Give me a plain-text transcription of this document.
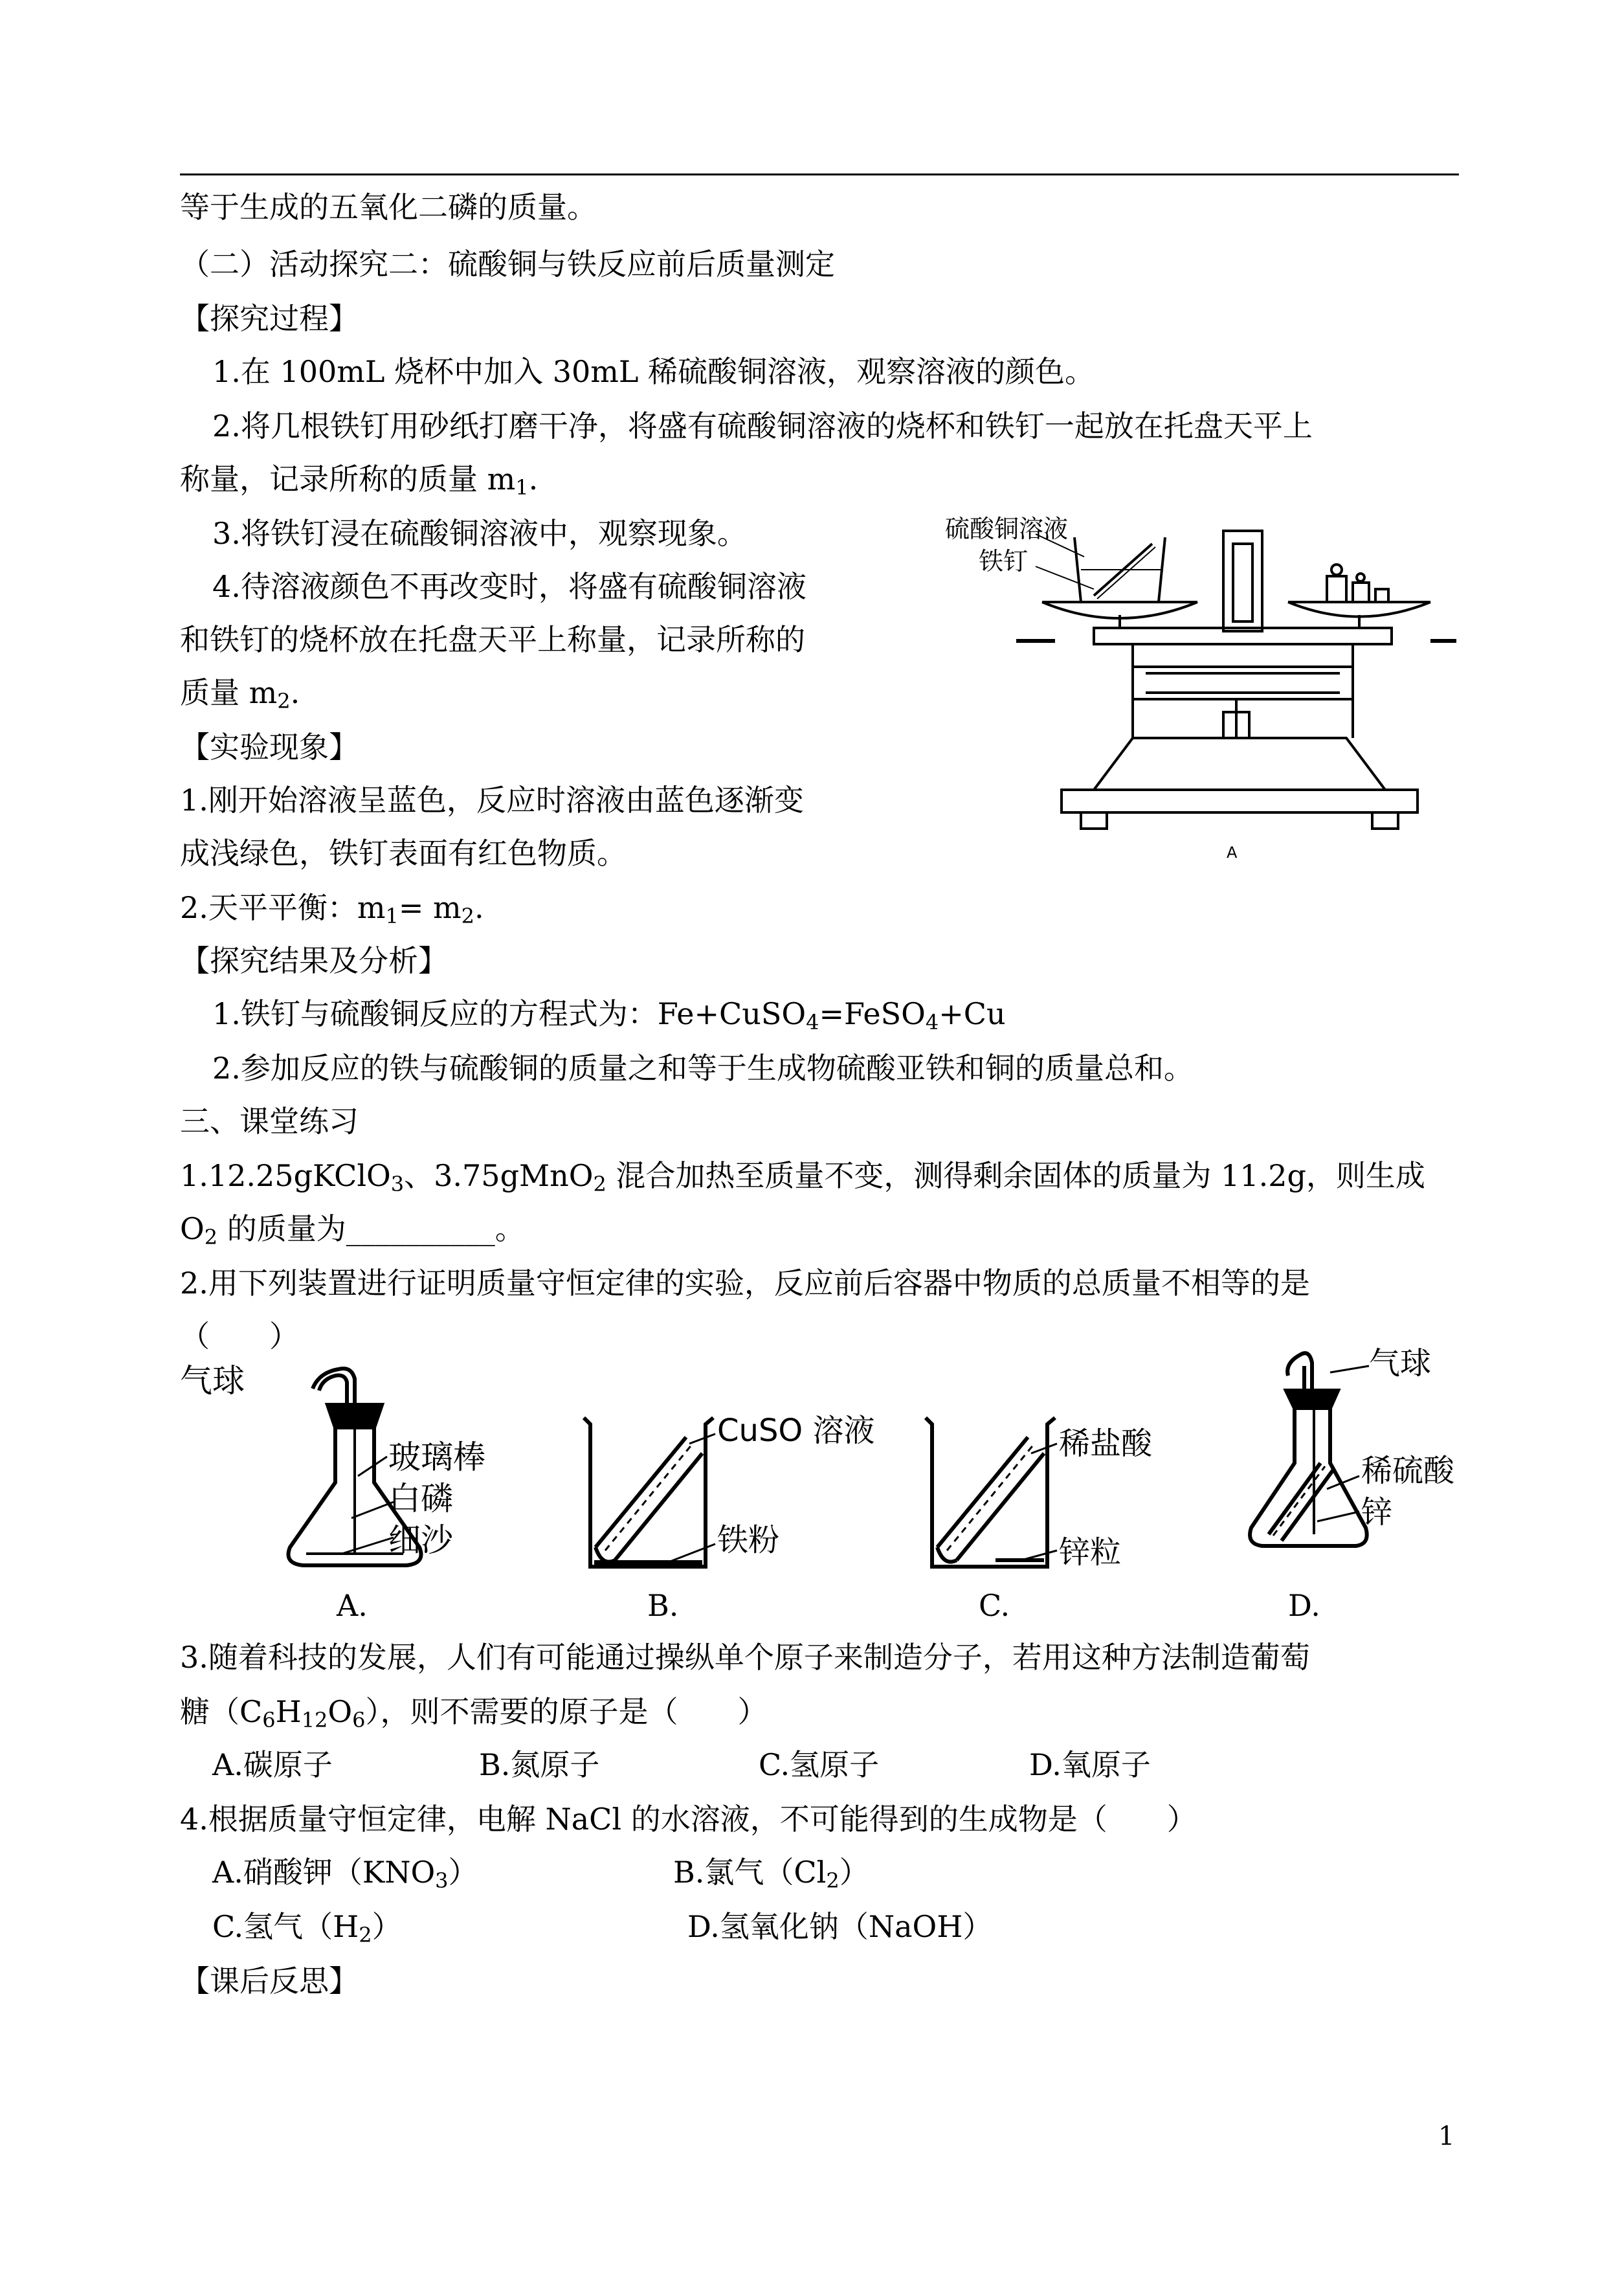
等于生成的五氧化二磷的质量。
（二）活动探究二：硫酸铜与铁反应前后质量测定
【探究过程】
1.在 100mL 烧杯中加入 30mL 稀硫酸铜溶液，观察溶液的颜色。
2.将几根铁钉用砂纸打磨干净，将盛有硫酸铜溶液的烧杯和铁钉一起放在托盘天平上
称量，记录所称的质量 m1.
3.将铁钉浸在硫酸铜溶液中，观察现象。
4.待溶液颜色不再改变时，将盛有硫酸铜溶液
和铁钉的烧杯放在托盘天平上称量，记录所称的
质量 m2.
【实验现象】
1.刚开始溶液呈蓝色，反应时溶液由蓝色逐渐变
成浅绿色，铁钉表面有红色物质。
2.天平平衡：m1= m2.
【探究结果及分析】
1.铁钉与硫酸铜反应的方程式为：Fe+CuSO4=FeSO4+Cu
2.参加反应的铁与硫酸铜的质量之和等于生成物硫酸亚铁和铜的质量总和。
三、课堂练习
1.12.25gKClO3、3.75gMnO2 混合加热至质量不变，测得剩余固体的质量为 11.2g，则生成
O2 的质量为__________。
2.用下列装置进行证明质量守恒定律的实验，反应前后容器中物质的总质量不相等的是
（　　）
硫酸铜溶液
铁钉
A
气球
玻璃棒
白磷
细沙
CuSO 溶液
铁粉
稀盐酸
锌粒
气球
稀硫酸
锌
A.	B.	C.	D.
3.随着科技的发展，人们有可能通过操纵单个原子来制造分子，若用这种方法制造葡萄
糖（C6H12O6），则不需要的原子是（　　）
A.碳原子	B.氮原子	C.氢原子	D.氧原子
4.根据质量守恒定律，电解 NaCl 的水溶液，不可能得到的生成物是（　　）
A.硝酸钾（KNO3）	B.氯气（Cl2）
C.氢气（H2）	D.氢氧化钠（NaOH）
【课后反思】
1
